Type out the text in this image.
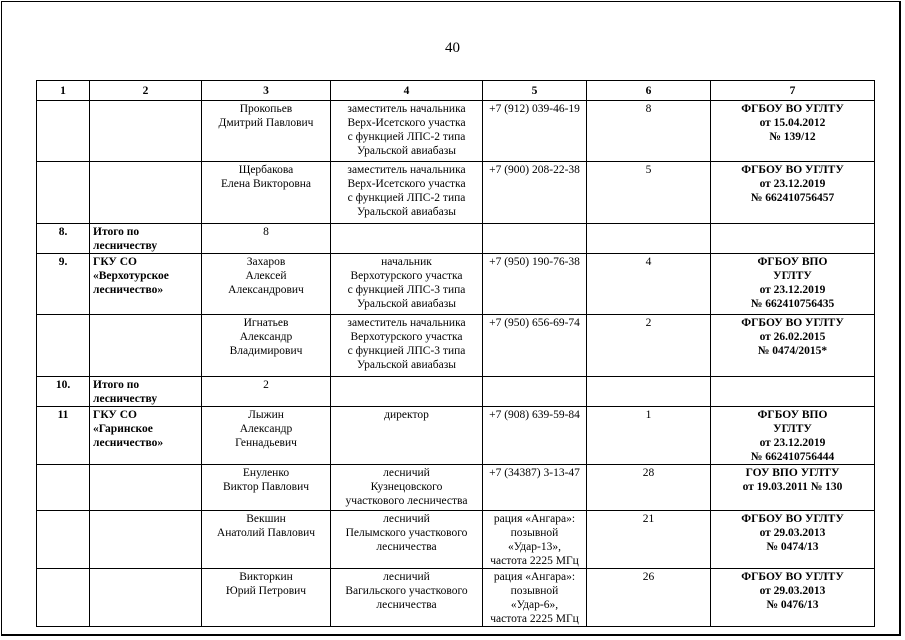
40
1	2	3	4	5	6	7
		Прокопьев
Дмитрий Павлович	заместитель начальника
Верх-Исетского участка
с функцией ЛПС-2 типа
Уральской авиабазы	+7 (912) 039-46-19	8	ФГБОУ ВО УГЛТУ
от 15.04.2012
№ 139/12
		Щербакова
Елена Викторовна	заместитель начальника
Верх-Исетского участка
с функцией ЛПС-2 типа
Уральской авиабазы	+7 (900) 208-22-38	5	ФГБОУ ВО УГЛТУ
от 23.12.2019
№ 662410756457
8.	Итого по
лесничеству	8				
9.	ГКУ СО
«Верхотурское
лесничество»	Захаров
Алексей
Александрович	начальник
Верхотурского участка
с функцией ЛПС-3 типа
Уральской авиабазы	+7 (950) 190-76-38	4	ФГБОУ ВПО
УГЛТУ
от 23.12.2019
№ 662410756435
		Игнатьев
Александр
Владимирович	заместитель начальника
Верхотурского участка
с функцией ЛПС-3 типа
Уральской авиабазы	+7 (950) 656-69-74	2	ФГБОУ ВО УГЛТУ
от 26.02.2015
№ 0474/2015*
10.	Итого по
лесничеству	2				
11	ГКУ СО
«Гаринское
лесничество»	Лыжин
Александр
Геннадьевич	директор	+7 (908) 639-59-84	1	ФГБОУ ВПО
УГЛТУ
от 23.12.2019
№ 662410756444
		Енуленко
Виктор Павлович	лесничий
Кузнецовского
участкового лесничества	+7 (34387) 3-13-47	28	ГОУ ВПО УГЛТУ
от 19.03.2011 № 130
		Векшин
Анатолий Павлович	лесничий
Пелымского участкового
лесничества	рация «Ангара»:
позывной «Удар-13»,
частота 2225 МГц	21	ФГБОУ ВО УГЛТУ
от 29.03.2013
№ 0474/13
		Викторкин
Юрий Петрович	лесничий
Вагильского участкового
лесничества	рация «Ангара»:
позывной «Удар-6»,
частота 2225 МГц	26	ФГБОУ ВО УГЛТУ
от 29.03.2013
№ 0476/13
